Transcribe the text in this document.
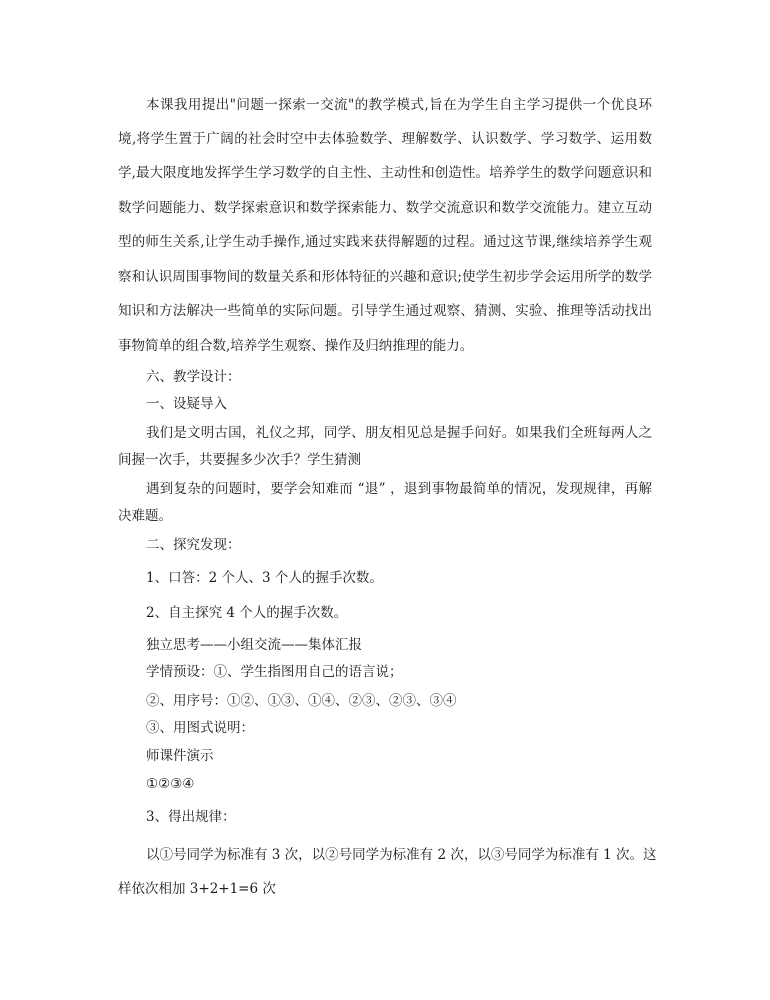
本课我用提出"问题一探索一交流"的教学模式,旨在为学生自主学习提供一个优良环
境,将学生置于广阔的社会时空中去体验数学、理解数学、认识数学、学习数学、运用数
学,最大限度地发挥学生学习数学的自主性、主动性和创造性。培养学生的数学问题意识和
数学问题能力、数学探索意识和数学探索能力、数学交流意识和数学交流能力。建立互动
型的师生关系,让学生动手操作,通过实践来获得解题的过程。通过这节课,继续培养学生观
察和认识周围事物间的数量关系和形体特征的兴趣和意识;使学生初步学会运用所学的数学
知识和方法解决一些简单的实际问题。引导学生通过观察、猜测、实验、推理等活动找出
事物简单的组合数,培养学生观察、操作及归纳推理的能力。
六、教学设计：
一、设疑导入
我们是文明古国，礼仪之邦，同学、朋友相见总是握手问好。如果我们全班每两人之
间握一次手，共要握多少次手？学生猜测
遇到复杂的问题时，要学会知难而 “退” ，退到事物最简单的情况，发现规律，再解
决难题。
二、探究发现：
1、口答：2 个人、3 个人的握手次数。
2、自主探究 4 个人的握手次数。
独立思考——小组交流——集体汇报
学情预设：①、学生指图用自己的语言说；
②、用序号：①②、①③、①④、②③、②③、③④
③、用图式说明：
师课件演示
①②③④
3、得出规律：
以①号同学为标准有 3 次，以②号同学为标准有 2 次，以③号同学为标准有 1 次。这
样依次相加 3+2+1=6 次
